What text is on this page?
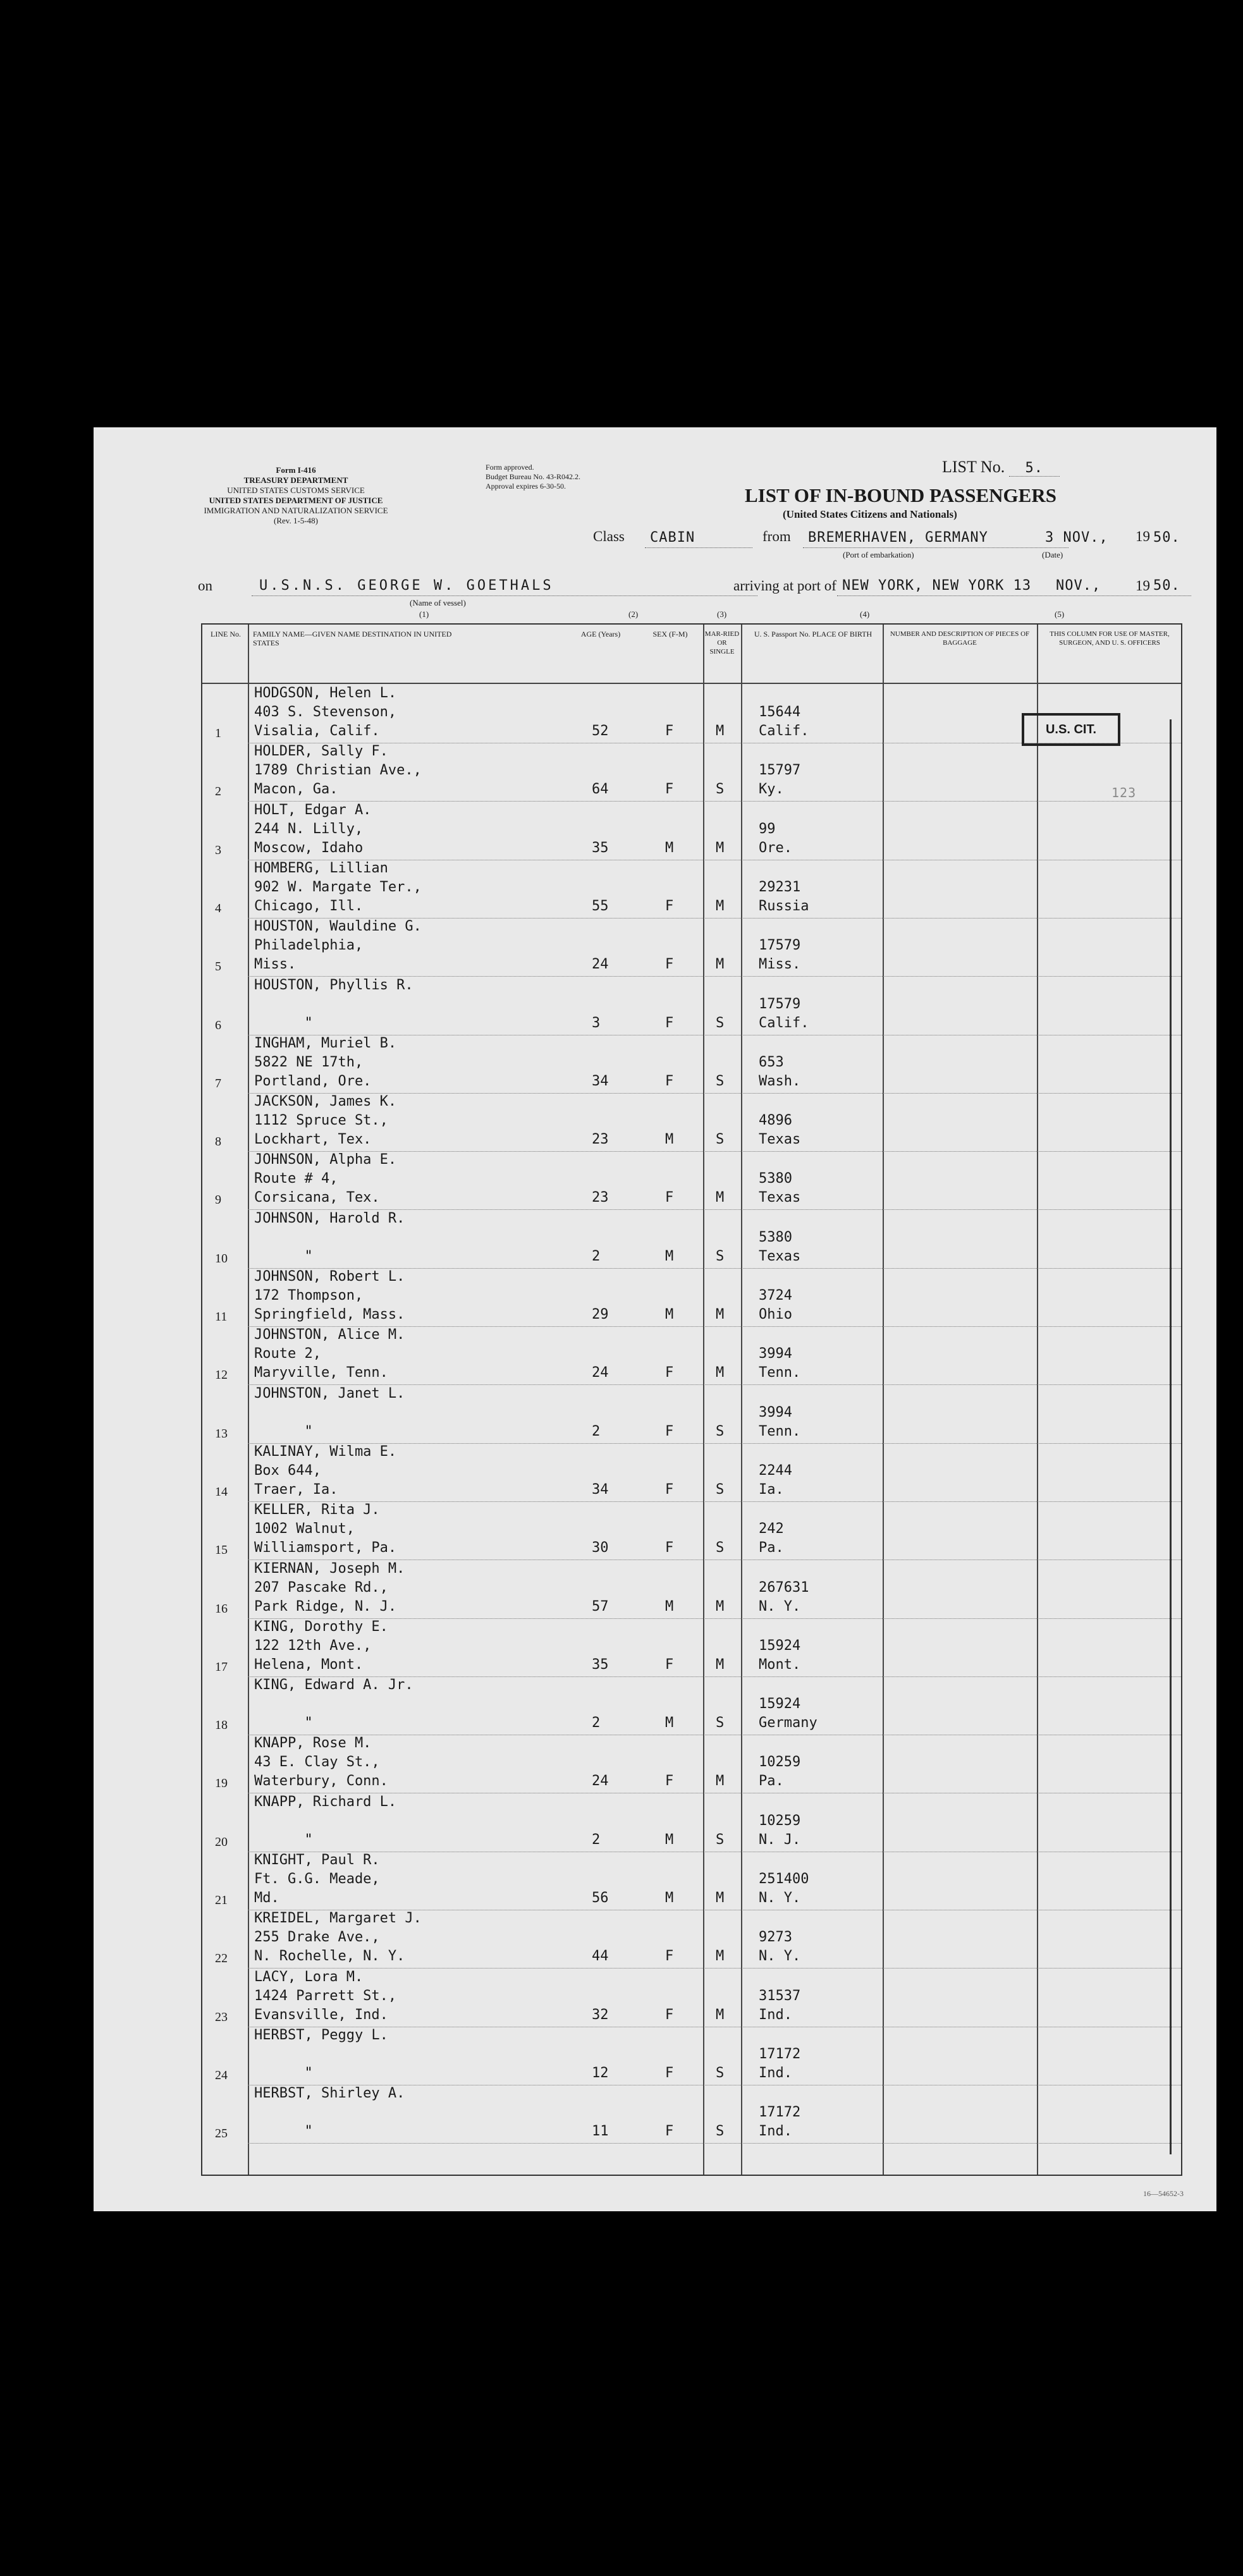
Form I-416
TREASURY DEPARTMENT
UNITED STATES CUSTOMS SERVICE
UNITED STATES DEPARTMENT OF JUSTICE
IMMIGRATION AND NATURALIZATION SERVICE
(Rev. 1-5-48)
Form approved.
Budget Bureau No. 43-R042.2.
Approval expires 6-30-50.
LIST No. 5.
LIST OF IN-BOUND PASSENGERS
(United States Citizens and Nationals)
Class CABIN	from BREMERHAVEN, GERMANY
(Port of embarkation)
3 NOV., 19 50.
(Date)
on	U.S.N.S. GEORGE W. GOETHALS
(Name of vessel)
arriving at port of NEW YORK, NEW YORK 13 NOV., 19 50.
(1)	(2)	(3)	(4)	(5)
LINE No.	FAMILY NAME—GIVEN NAME DESTINATION IN UNITED STATES
AGE (Years)	SEX (F-M)	MAR-RIED OR SINGLE
U. S. Passport No. PLACE OF BIRTH	NUMBER AND DESCRIPTION OF PIECES OF BAGGAGE
THIS COLUMN FOR USE OF MASTER, SURGEON, AND U. S. OFFICERS
1
HODGSON, Helen L.
403 S. Stevenson,
Visalia, Calif.	52	F	M
15644
Calif.
2
HOLDER, Sally F.
1789 Christian Ave.,
Macon, Ga.	64	F	S
15797
Ky.
3
HOLT, Edgar A.
244 N. Lilly,
Moscow, Idaho	35	M	M
99
Ore.
4
HOMBERG, Lillian
902 W. Margate Ter.,
Chicago, Ill.	55	F	M
29231
Russia
5
HOUSTON, Wauldine G.
Philadelphia,
Miss.	24	F	M
17579
Miss.
6
HOUSTON, Phyllis R.

"	3	F	S
17579
Calif.
7
INGHAM, Muriel B.
5822 NE 17th,
Portland, Ore.	34	F	S
653
Wash.
8
JACKSON, James K.
1112 Spruce St.,
Lockhart, Tex.	23	M	S
4896
Texas
9
JOHNSON, Alpha E.
Route # 4,
Corsicana, Tex.	23	F	M
5380
Texas
10
JOHNSON, Harold R.

"	2	M	S
5380
Texas
11
JOHNSON, Robert L.
172 Thompson,
Springfield, Mass.	29	M	M
3724
Ohio
12
JOHNSTON, Alice M.
Route 2,
Maryville, Tenn.	24	F	M
3994
Tenn.
13
JOHNSTON, Janet L.

"	2	F	S
3994
Tenn.
14
KALINAY, Wilma E.
Box 644,
Traer, Ia.	34	F	S
2244
Ia.
15
KELLER, Rita J.
1002 Walnut,
Williamsport, Pa.	30	F	S
242
Pa.
16
KIERNAN, Joseph M.
207 Pascake Rd.,
Park Ridge, N. J.	57	M	M
267631
N. Y.
17
KING, Dorothy E.
122 12th Ave.,
Helena, Mont.	35	F	M
15924
Mont.
18
KING, Edward A. Jr.

"	2	M	S
15924
Germany
19
KNAPP, Rose M.
43 E. Clay St.,
Waterbury, Conn.	24	F	M
10259
Pa.
20
KNAPP, Richard L.

"	2	M	S
10259
N. J.
21
KNIGHT, Paul R.
Ft. G.G. Meade,
Md.	56	M	M
251400
N. Y.
22
KREIDEL, Margaret J.
255 Drake Ave.,
N. Rochelle, N. Y.	44	F	M
9273
N. Y.
23
LACY, Lora M.
1424 Parrett St.,
Evansville, Ind.	32	F	M
31537
Ind.
24
HERBST, Peggy L.

"	12	F	S
17172
Ind.
25
HERBST, Shirley A.

"	11	F	S
17172
Ind.
U.S. CIT.
123
16—54652-3
